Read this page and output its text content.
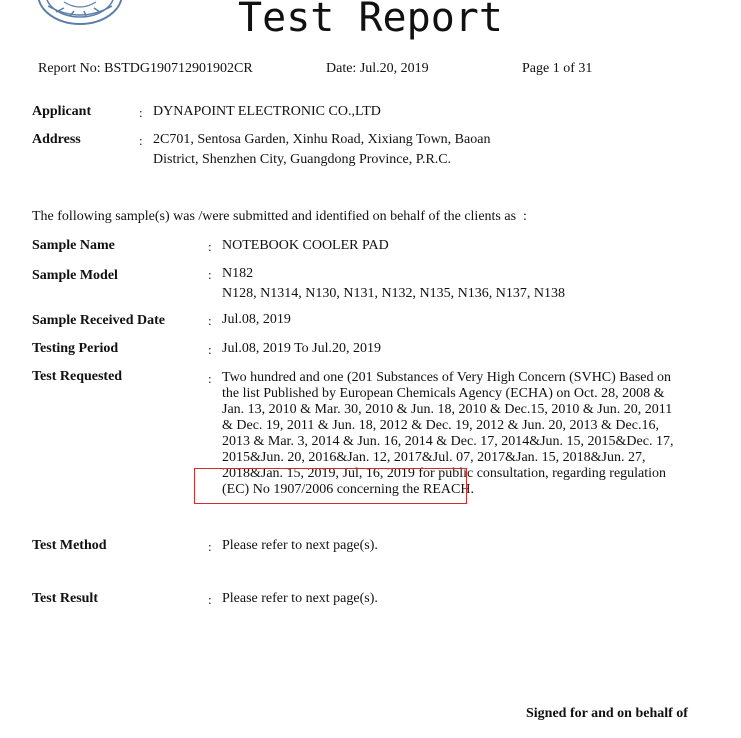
Test Report
Report No: BSTDG190712901902CR	Date: Jul.20, 2019	Page 1 of 31
Applicant	: DYNAPOINT ELECTRONIC CO.,LTD
Address	: 2C701, Sentosa Garden, Xinhu Road, Xixiang Town, Baoan
District, Shenzhen City, Guangdong Province, P.R.C.
The following sample(s) was /were submitted and identified on behalf of the clients as  :
Sample Name	: NOTEBOOK COOLER PAD
Sample Model	: N182
N128, N1314, N130, N131, N132, N135, N136, N137, N138
Sample Received Date	: Jul.08, 2019
Testing Period	: Jul.08, 2019 To Jul.20, 2019
Test Requested	: Two hundred and one (201 Substances of Very High Concern (SVHC) Based on
the list Published by European Chemicals Agency (ECHA) on Oct. 28, 2008 &
Jan. 13, 2010 & Mar. 30, 2010 & Jun. 18, 2010 & Dec.15, 2010 & Jun. 20, 2011
& Dec. 19, 2011 & Jun. 18, 2012 & Dec. 19, 2012 & Jun. 20, 2013 & Dec.16,
2013 & Mar. 3, 2014 & Jun. 16, 2014 & Dec. 17, 2014&Jun. 15, 2015&Dec. 17,
2015&Jun. 20, 2016&Jan. 12, 2017&Jul. 07, 2017&Jan. 15, 2018&Jun. 27,
2018&Jan. 15, 2019, Jul, 16, 2019 for public consultation, regarding regulation
(EC) No 1907/2006 concerning the REACH.
Test Method	: Please refer to next page(s).
Test Result	: Please refer to next page(s).
Signed for and on behalf of
